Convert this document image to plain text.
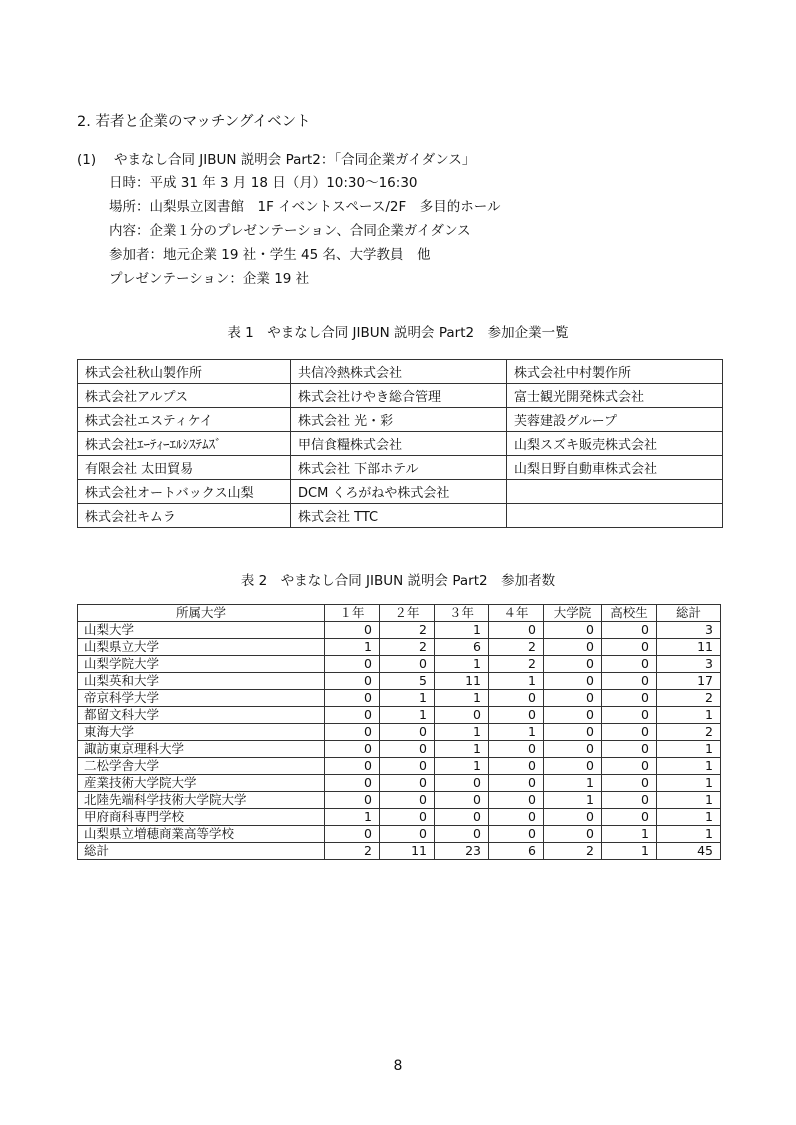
2. 若者と企業のマッチングイベント
(1) やまなし合同 JIBUN 説明会 Part2：「合同企業ガイダンス」
日時：平成 31 年 3 月 18 日（月）10:30～16:30
場所：山梨県立図書館　1F イベントスペース/2F　多目的ホール
内容：企業１分のプレゼンテーション、合同企業ガイダンス
参加者：地元企業 19 社・学生 45 名、大学教員　他
プレゼンテーション：企業 19 社
表 1　やまなし合同 JIBUN 説明会 Part2　参加企業一覧
株式会社秋山製作所	共信冷熱株式会社	株式会社中村製作所
株式会社アルプス	株式会社けやき総合管理	富士観光開発株式会社
株式会社エスティケイ	株式会社 光・彩	芙蓉建設グループ
株式会社ｴｰﾃｨｰｴﾙｼｽﾃﾑｽﾞ	甲信食糧株式会社	山梨スズキ販売株式会社
有限会社 太田貿易	株式会社 下部ホテル	山梨日野自動車株式会社
株式会社オートバックス山梨	DCM くろがねや株式会社	
株式会社キムラ	株式会社 TTC	
表 2　やまなし合同 JIBUN 説明会 Part2　参加者数
所属大学	１年	２年	３年	４年	大学院	高校生	総計
山梨大学	0	2	1	0	0	0	3
山梨県立大学	1	2	6	2	0	0	11
山梨学院大学	0	0	1	2	0	0	3
山梨英和大学	0	5	11	1	0	0	17
帝京科学大学	0	1	1	0	0	0	2
都留文科大学	0	1	0	0	0	0	1
東海大学	0	0	1	1	0	0	2
諏訪東京理科大学	0	0	1	0	0	0	1
二松学舎大学	0	0	1	0	0	0	1
産業技術大学院大学	0	0	0	0	1	0	1
北陸先端科学技術大学院大学	0	0	0	0	1	0	1
甲府商科専門学校	1	0	0	0	0	0	1
山梨県立増穂商業高等学校	0	0	0	0	0	1	1
総計	2	11	23	6	2	1	45
8
